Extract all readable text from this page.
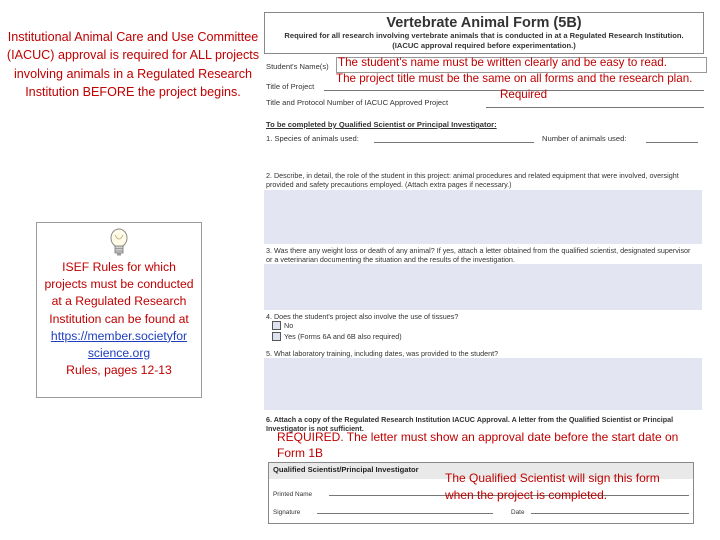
Institutional Animal Care and Use Committee (IACUC) approval is required for ALL projects involving animals in a Regulated Research Institution BEFORE the project begins.
ISEF Rules for which projects must be conducted at a Regulated Research Institution can be found at
https://member.societyfor science.org
Rules, pages 12-13
Vertebrate Animal Form (5B)
Required for all research involving vertebrate animals that is conducted in at a Regulated Research Institution.
(IACUC approval required before experimentation.)
Student's Name(s)
Title of Project
Title and Protocol Number of IACUC Approved Project
To be completed by Qualified Scientist or Principal Investigator:
1. Species of animals used:	Number of animals used:
2. Describe, in detail, the role of the student in this project: animal procedures and related equipment that were involved, oversight provided and safety precautions employed. (Attach extra pages if necessary.)
3. Was there any weight loss or death of any animal? If yes, attach a letter obtained from the qualified scientist, designated supervisor or a veterinarian documenting the situation and the results of the investigation.
4. Does the student's project also involve the use of tissues?
No
Yes (Forms 6A and 6B also required)
5. What laboratory training, including dates, was provided to the student?
6. Attach a copy of the Regulated Research Institution IACUC Approval. A letter from the Qualified Scientist or Principal Investigator is not sufficient.
Qualified Scientist/Principal Investigator
Printed Name
Signature	Date
The student's name must be written clearly and be easy to read.
The project title must be the same on all forms and the research plan.
Required
REQUIRED. The letter must show an approval date before the start date on Form 1B
The Qualified Scientist will sign this form when the project is completed.
